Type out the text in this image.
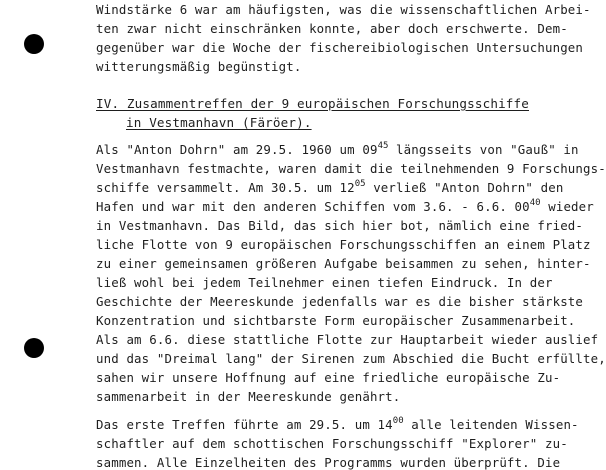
Windstärke 6 war am häufigsten, was die wissenschaftlichen Arbei-
ten zwar nicht einschränken konnte, aber doch erschwerte. Dem-
gegenüber war die Woche der fischereibiologischen Untersuchungen
witterungsmäßig begünstigt.
IV. Zusammentreffen der 9 europäischen Forschungsschiffe
in Vestmanhavn (Färöer).
Als "Anton Dohrn" am 29.5. 1960 um $09^{45}$ längsseits von "Gauß" in
Vestmanhavn festmachte, waren damit die teilnehmenden 9 Forschungs-
schiffe versammelt. Am 30.5. um $12^{05}$ verließ "Anton Dohrn" den
Hafen und war mit den anderen Schiffen vom 3.6. - 6.6. $00^{40}$ wieder
in Vestmanhavn. Das Bild, das sich hier bot, nämlich eine fried-
liche Flotte von 9 europäischen Forschungsschiffen an einem Platz
zu einer gemeinsamen größeren Aufgabe beisammen zu sehen, hinter-
ließ wohl bei jedem Teilnehmer einen tiefen Eindruck. In der
Geschichte der Meereskunde jedenfalls war es die bisher stärkste
Konzentration und sichtbarste Form europäischer Zusammenarbeit.
Als am 6.6. diese stattliche Flotte zur Hauptarbeit wieder auslief
und das "Dreimal lang" der Sirenen zum Abschied die Bucht erfüllte,
sahen wir unsere Hoffnung auf eine friedliche europäische Zu-
sammenarbeit in der Meereskunde genährt.
Das erste Treffen führte am 29.5. um $14^{00}$ alle leitenden Wissen-
schaftler auf dem schottischen Forschungsschiff "Explorer" zu-
sammen. Alle Einzelheiten des Programms wurden überprüft. Die
